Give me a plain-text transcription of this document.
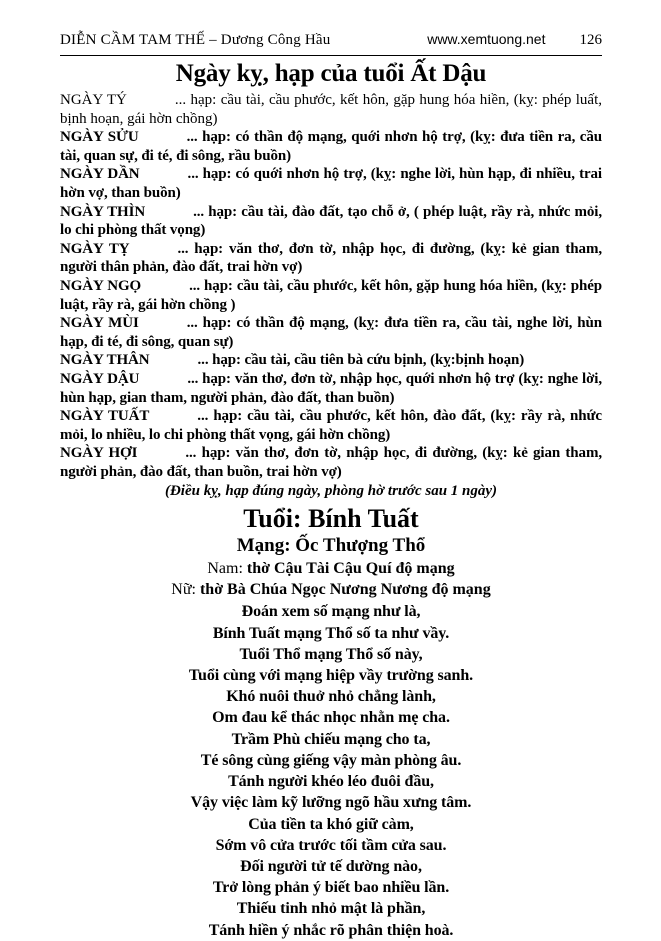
DIỄN CẦM TAM THẾ – Dương Công Hầu	www.xemtuong.net 126
Ngày kỵ, hạp của tuổi Ất Dậu

NGÀY TÝ	... hạp: cầu tài, cầu phước, kết hôn, gặp hung hóa hiền, (kỵ: phép luất, bịnh hoạn, gái hờn chồng)

NGÀY SỬU	... hạp: có thần độ mạng, quới nhơn hộ trợ, (kỵ: đưa tiền ra, cầu tài, quan sự, đi té, đi sông, rầu buồn)

NGÀY DẦN	... hạp: có quới nhơn hộ trợ, (kỵ: nghe lời, hùn hạp, đi nhiều, trai hờn vợ, than buồn)

NGÀY THÌN	... hạp: cầu tài, đào đất, tạo chỗ ở, ( phép luật, rầy rà, nhức mỏi, lo chi phòng thất vọng)

NGÀY TỴ	... hạp: văn thơ, đơn tờ, nhập học, đi đường, (kỵ: kẻ gian tham, người thân phản, đào đất, trai hờn vợ)

NGÀY NGỌ	... hạp: cầu tài, cầu phước, kết hôn, gặp hung hóa hiền, (kỵ: phép luật, rầy rà, gái hờn chồng )

NGÀY MÙI	... hạp: có thần độ mạng, (kỵ: đưa tiền ra, cầu tài, nghe lời, hùn hạp, đi té, đi sông, quan sự)

NGÀY THÂN	... hạp: cầu tài, cầu tiên bà cứu bịnh, (kỵ:bịnh hoạn)

NGÀY DẬU	... hạp: văn thơ, đơn tờ, nhập học, quới nhơn hộ trợ (kỵ: nghe lời, hùn hạp, gian tham, người phản, đào đất, than buồn)

NGÀY TUẤT	... hạp: cầu tài, cầu phước, kết hôn, đào đất, (kỵ: rầy rà, nhức mỏi, lo nhiều, lo chi phòng thất vọng, gái hờn chồng)

NGÀY HỢI	... hạp: văn thơ, đơn tờ, nhập học, đi đường, (kỵ: kẻ gian tham, người phản, đào đất, than buồn, trai hờn vợ)

(Điều kỵ, hạp đúng ngày, phòng hờ trước sau 1 ngày)

Tuổi: Bính Tuất
Mạng: Ốc Thượng Thổ

Nam: thờ Cậu Tài Cậu Quí độ mạng

Nữ: thờ Bà Chúa Ngọc Nương Nương độ mạng

Đoán xem số mạng như là,

Bính Tuất mạng Thổ số ta như vầy.

Tuổi Thổ mạng Thổ số này,

Tuổi cùng với mạng hiệp vầy trường sanh.

Khó nuôi thuở nhỏ chẳng lành,

Om đau kể thác nhọc nhằn mẹ cha.

Trầm Phù chiếu mạng cho ta,

Té sông cùng giếng vậy màn phòng âu.

Tánh người khéo léo đuôi đầu,

Vậy việc làm kỹ lưỡng ngõ hầu xưng tâm.

Của tiền ta khó giữ càm,

Sớm vô cửa trước tối tầm cửa sau.

Đối người tử tế dường nào,

Trở lòng phản ý biết bao nhiều lần.

Thiếu tinh nhỏ mật là phần,

Tánh hiền ý nhắc rõ phân thiện hoà.
